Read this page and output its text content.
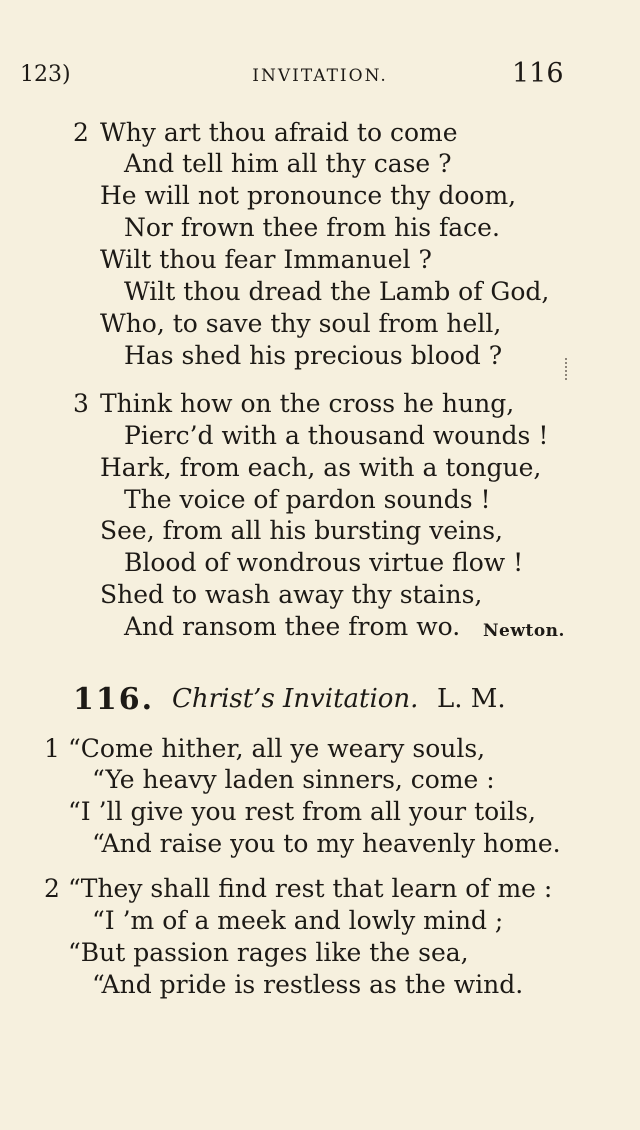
123)	INVITATION.	116
2 Why art thou afraid to come
And tell him all thy case ?
He will not pronounce thy doom,
Nor frown thee from his face.
Wilt thou fear Immanuel ?
Wilt thou dread the Lamb of God,
Who, to save thy soul from hell,
Has shed his precious blood ?
3 Think how on the cross he hung,
Pierc’d with a thousand wounds !
Hark, from each, as with a tongue,
The voice of pardon sounds !
See, from all his bursting veins,
Blood of wondrous virtue flow !
Shed to wash away thy stains,
And ransom thee from wo. Newton.
116. Christ’s Invitation. L. M.
1 “Come hither, all ye weary souls,
“Ye heavy laden sinners, come :
“I ’ll give you rest from all your toils,
“And raise you to my heavenly home.
2 “They shall find rest that learn of me :
“I ’m of a meek and lowly mind ;
“But passion rages like the sea,
“And pride is restless as the wind.
